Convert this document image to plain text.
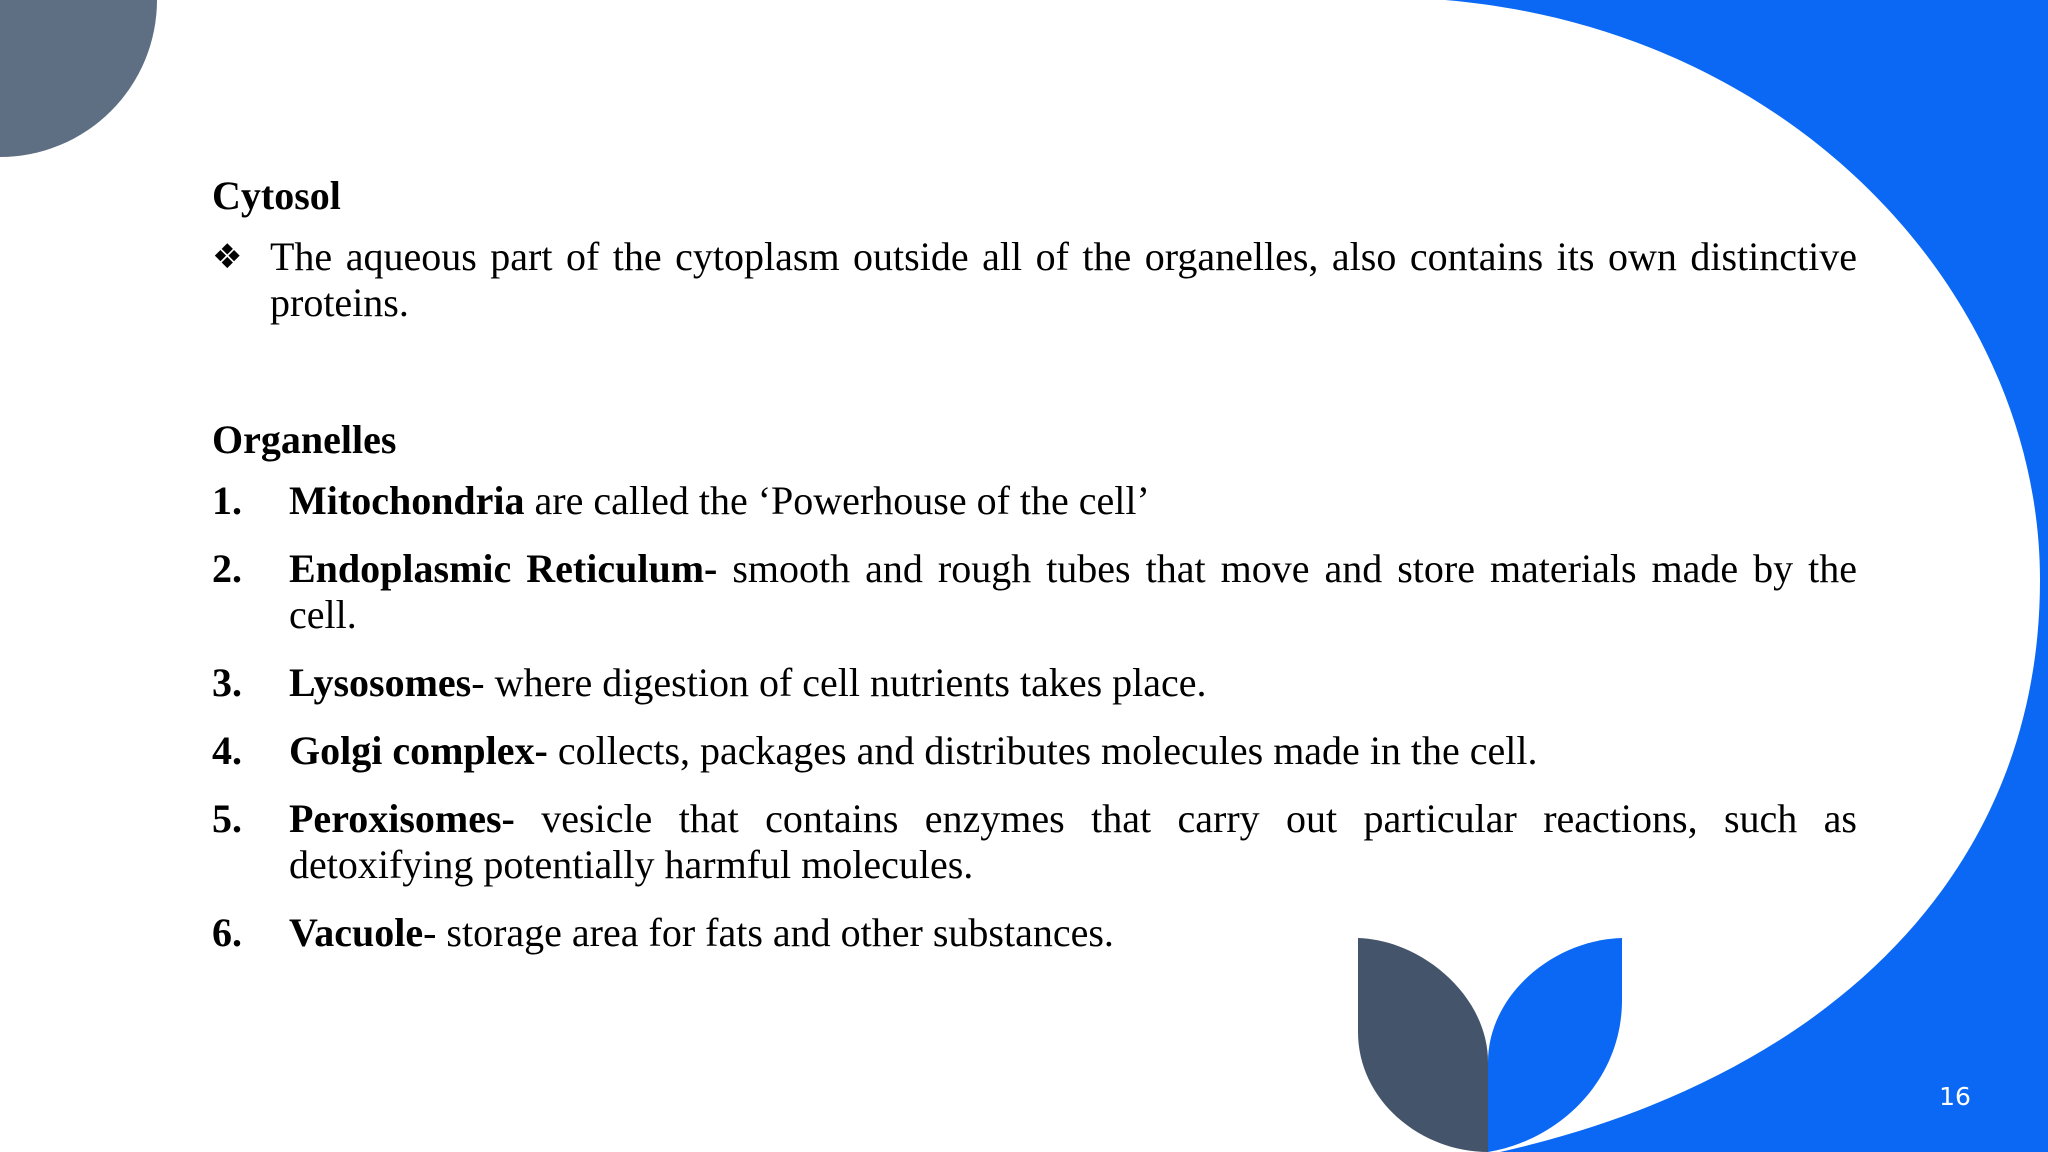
Cytosol
❖ The aqueous part of the cytoplasm outside all of the organelles, also contains its own distinctive proteins.
Organelles
1.	Mitochondria are called the ‘Powerhouse of the cell’
2.	Endoplasmic Reticulum- smooth and rough tubes that move and store materials made by the cell.
3.	Lysosomes- where digestion of cell nutrients takes place.
4.	Golgi complex- collects, packages and distributes molecules made in the cell.
5.	Peroxisomes- vesicle that contains enzymes that carry out particular reactions, such as detoxifying potentially harmful molecules.
6.	Vacuole- storage area for fats and other substances.
16
